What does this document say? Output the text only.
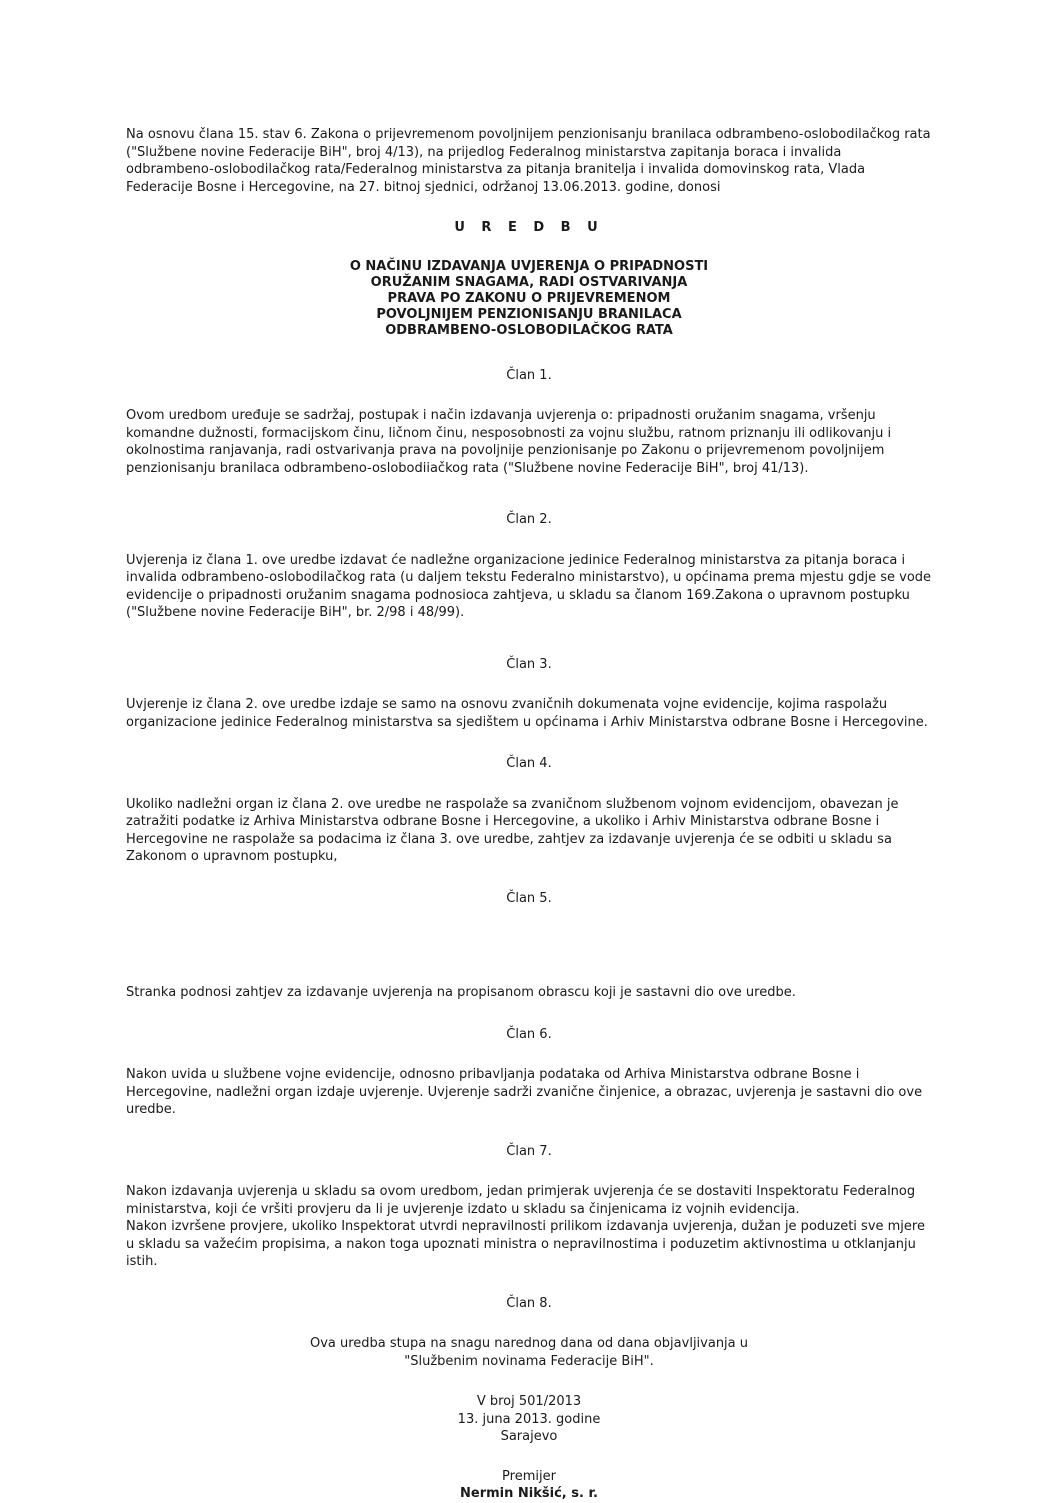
Na osnovu člana 15. stav 6. Zakona o prijevremenom povoljnijem penzionisanju branilaca odbrambeno-oslobodilačkog rata ("Službene novine Federacije BiH", broj 4/13), na prijedlog Federalnog ministarstva zapitanja boraca i invalida odbrambeno-oslobodilačkog rata/Federalnog ministarstva za pitanja branitelja i invalida domovinskog rata, Vlada Federacije Bosne i Hercegovine, na 27. bitnoj sjednici, održanoj 13.06.2013. godine, donosi

U R E D B U

O NAČINU IZDAVANJA UVJERENJA O PRIPADNOSTI
ORUŽANIM SNAGAMA, RADI OSTVARIVANJA
PRAVA PO ZAKONU O PRIJEVREMENOM
POVOLJNIJEM PENZIONISANJU BRANILACA
ODBRAMBENO-OSLOBODILAČKOG RATA

Član 1.

Ovom uredbom uređuje se sadržaj, postupak i način izdavanja uvjerenja o: pripadnosti oružanim snagama, vršenju komandne dužnosti, formacijskom činu, ličnom činu, nesposobnosti za vojnu službu, ratnom priznanju ili odlikovanju i okolnostima ranjavanja, radi ostvarivanja prava na povoljnije penzionisanje po Zakonu o prijevremenom povoljnijem penzionisanju branilaca odbrambeno-oslobodiiačkog rata ("Službene novine Federacije BiH", broj 41/13).

Član 2.

Uvjerenja iz člana 1. ove uredbe izdavat će nadležne organizacione jedinice Federalnog ministarstva za pitanja boraca i invalida odbrambeno-oslobodilačkog rata (u daljem tekstu Federalno ministarstvo), u općinama prema mjestu gdje se vode evidencije o pripadnosti oružanim snagama podnosioca zahtjeva, u skladu sa članom 169.Zakona o upravnom postupku ("Službene novine Federacije BiH", br. 2/98 i 48/99).

Član 3.

Uvjerenje iz člana 2. ove uredbe izdaje se samo na osnovu zvaničnih dokumenata vojne evidencije, kojima raspolažu organizacione jedinice Federalnog ministarstva sa sjedištem u općinama i Arhiv Ministarstva odbrane Bosne i Hercegovine.

Član 4.

Ukoliko nadležni organ iz člana 2. ove uredbe ne raspolaže sa zvaničnom službenom vojnom evidencijom, obavezan je zatražiti podatke iz Arhiva Ministarstva odbrane Bosne i Hercegovine, a ukoliko i Arhiv Ministarstva odbrane Bosne i Hercegovine ne raspolaže sa podacima iz člana 3. ove uredbe, zahtjev za izdavanje uvjerenja će se odbiti u skladu sa Zakonom o upravnom postupku,

Član 5.

Stranka podnosi zahtjev za izdavanje uvjerenja na propisanom obrascu koji je sastavni dio ove uredbe.

Član 6.

Nakon uvida u službene vojne evidencije, odnosno pribavljanja podataka od Arhiva Ministarstva odbrane Bosne i Hercegovine, nadležni organ izdaje uvjerenje. Uvjerenje sadrži zvanične činjenice, a obrazac, uvjerenja je sastavni dio ove uredbe.

Član 7.

Nakon izdavanja uvjerenja u skladu sa ovom uredbom, jedan primjerak uvjerenja će se dostaviti Inspektoratu Federalnog ministarstva, koji će vršiti provjeru da li je uvjerenje izdato u skladu sa činjenicama iz vojnih evidencija.

Nakon izvršene provjere, ukoliko Inspektorat utvrdi nepravilnosti prilikom izdavanja uvjerenja, dužan je poduzeti sve mjere u skladu sa važećim propisima, a nakon toga upoznati ministra o nepravilnostima i poduzetim aktivnostima u otklanjanju istih.

Član 8.

Ova uredba stupa na snagu narednog dana od dana objavljivanja u
"Službenim novinama Federacije BiH".
V broj 501/2013
13. juna 2013. godine
Sarajevo
Premijer
Nermin Nikšić, s. r.
